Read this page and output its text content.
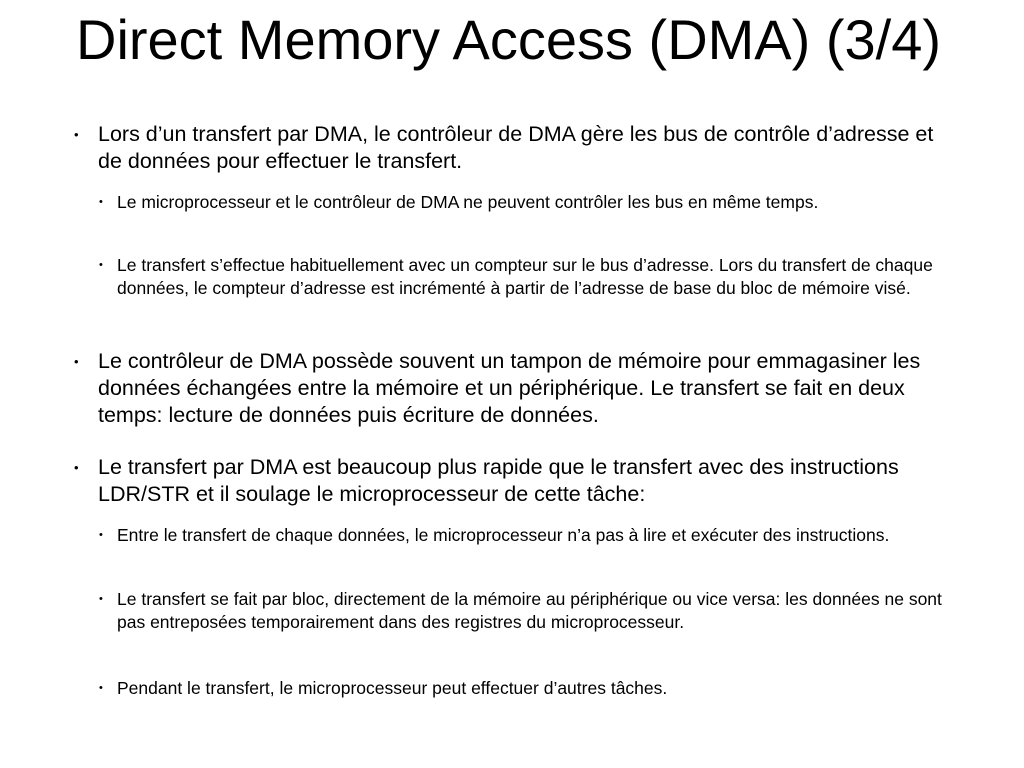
• Lors d’un transfert par DMA, le contrôleur de DMA gère les bus de contrôle d’adresse et de données pour effectuer le transfert.
• Le microprocesseur et le contrôleur de DMA ne peuvent contrôler les bus en même temps.
• Le transfert s’effectue habituellement avec un compteur sur le bus d’adresse. Lors du transfert de chaque données, le compteur d’adresse est incrémenté à partir de l’adresse de base du bloc de mémoire visé.
• Le contrôleur de DMA possède souvent un tampon de mémoire pour emmagasiner les données échangées entre la mémoire et un périphérique. Le transfert se fait en deux temps: lecture de données puis écriture de données.
• Le transfert par DMA est beaucoup plus rapide que le transfert avec des instructions LDR/STR et il soulage le microprocesseur de cette tâche:
• Entre le transfert de chaque données, le microprocesseur n’a pas à lire et exécuter des instructions.
• Le transfert se fait par bloc, directement de la mémoire au périphérique ou vice versa: les données ne sont pas entreposées temporairement dans des registres du microprocesseur.
• Pendant le transfert, le microprocesseur peut effectuer d’autres tâches.
Direct Memory Access (DMA) (3/4)
